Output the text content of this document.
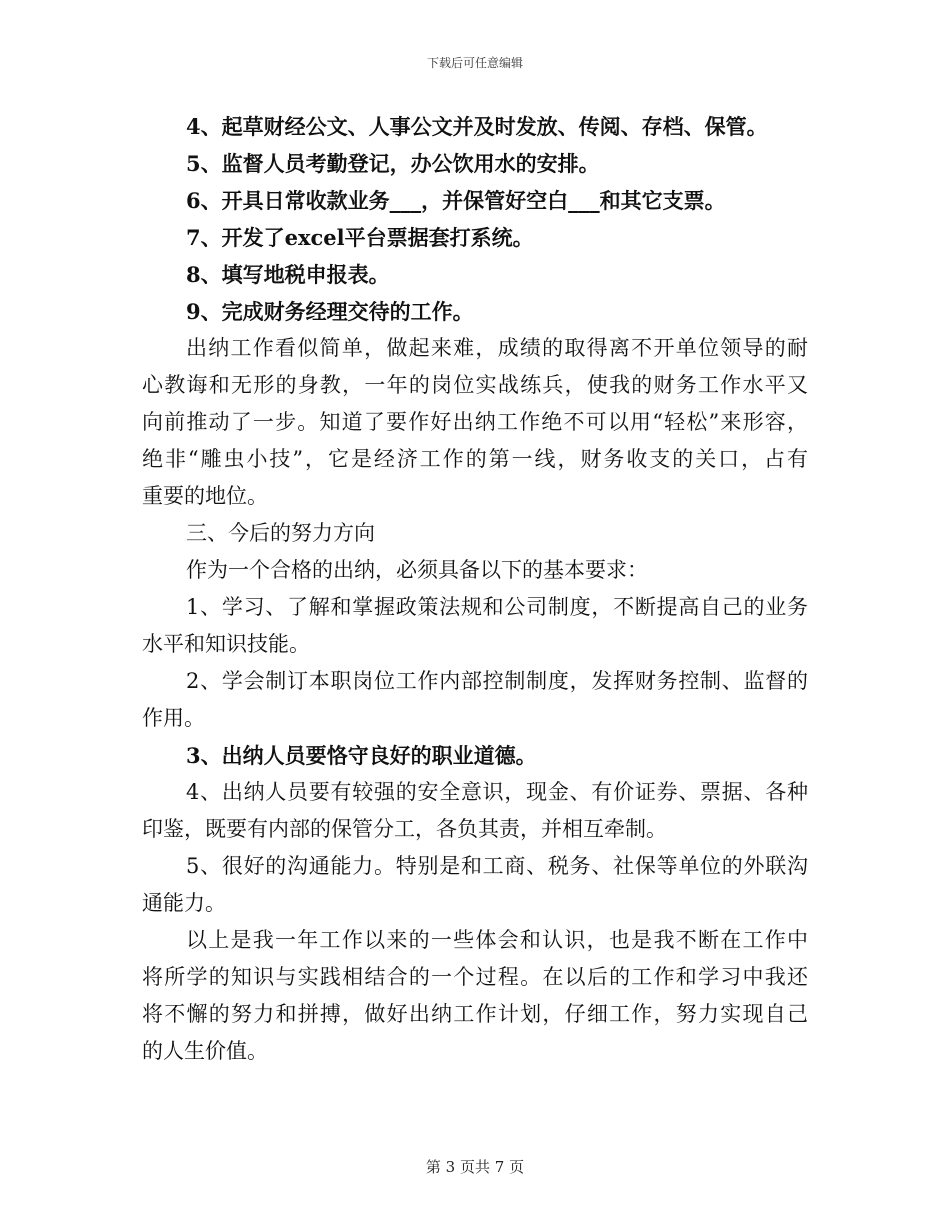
下载后可任意编辑
4、起草财经公文、人事公文并及时发放、传阅、存档、保管。
5、监督人员考勤登记，办公饮用水的安排。
6、开具日常收款业务___，并保管好空白___和其它支票。
7、开发了excel平台票据套打系统。
8、填写地税申报表。
9、完成财务经理交待的工作。
出纳工作看似简单，做起来难，成绩的取得离不开单位领导的耐
心教诲和无形的身教，一年的岗位实战练兵，使我的财务工作水平又
向前推动了一步。知道了要作好出纳工作绝不可以用“轻松”来形容，
绝非“雕虫小技”，它是经济工作的第一线，财务收支的关口，占有
重要的地位。
三、今后的努力方向
作为一个合格的出纳，必须具备以下的基本要求：
1、学习、了解和掌握政策法规和公司制度，不断提高自己的业务
水平和知识技能。
2、学会制订本职岗位工作内部控制制度，发挥财务控制、监督的
作用。
3、出纳人员要恪守良好的职业道德。
4、出纳人员要有较强的安全意识，现金、有价证券、票据、各种
印鉴，既要有内部的保管分工，各负其责，并相互牵制。
5、很好的沟通能力。特别是和工商、税务、社保等单位的外联沟
通能力。
以上是我一年工作以来的一些体会和认识，也是我不断在工作中
将所学的知识与实践相结合的一个过程。在以后的工作和学习中我还
将不懈的努力和拼搏，做好出纳工作计划，仔细工作，努力实现自己
的人生价值。
第 3 页共 7 页
